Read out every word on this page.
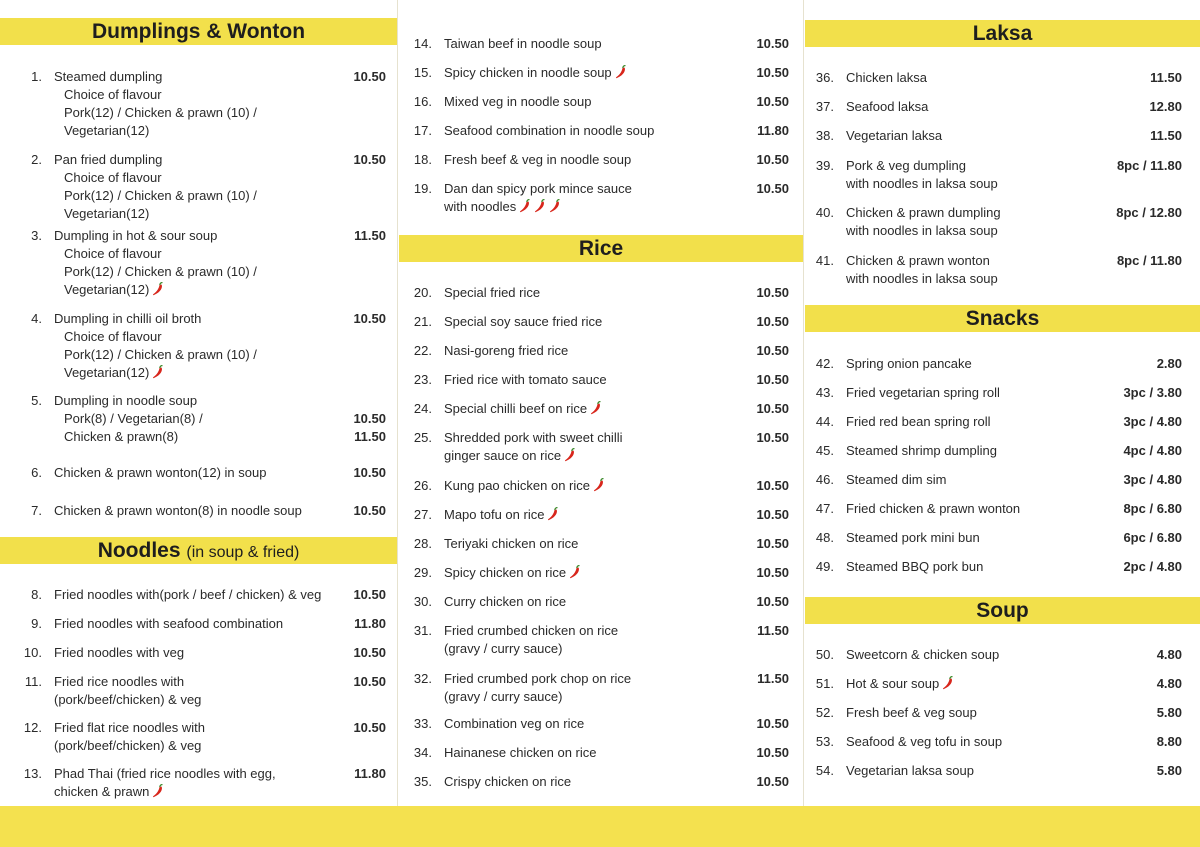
Dumplings & Wonton
Noodles (in soup & fried)
Rice
Laksa
Snacks
Soup
1. Steamed dumpling
Choice of flavour
Pork(12) / Chicken & prawn (10) /
Vegetarian(12)
10.50
2. Pan fried dumpling
Choice of flavour
Pork(12) / Chicken & prawn (10) /
Vegetarian(12)
10.50
3. Dumpling in hot & sour soup
Choice of flavour
Pork(12) / Chicken & prawn (10) /
Vegetarian(12)
11.50
4. Dumpling in chilli oil broth
Choice of flavour
Pork(12) / Chicken & prawn (10) /
Vegetarian(12)
10.50
5. Dumpling in noodle soup
Pork(8) / Vegetarian(8) /
Chicken & prawn(8)
10.50
11.50
6. Chicken & prawn wonton(12) in soup	10.50
7. Chicken & prawn wonton(8) in noodle soup	10.50
8. Fried noodles with(pork / beef / chicken) & veg 10.50
9. Fried noodles with seafood combination	11.80
10. Fried noodles with veg	10.50
11. Fried rice noodles with
(pork/beef/chicken) & veg
10.50
12. Fried flat rice noodles with
(pork/beef/chicken) & veg
10.50
13. Phad Thai (fried rice noodles with egg,
chicken & prawn
11.80
14. Taiwan beef in noodle soup	10.50
15. Spicy chicken in noodle soup	10.50
16. Mixed veg in noodle soup	10.50
17. Seafood combination in noodle soup	11.80
18. Fresh beef & veg in noodle soup	10.50
19. Dan dan spicy pork mince sauce
with noodles
10.50
20. Special fried rice	10.50
21. Special soy sauce fried rice	10.50
22. Nasi-goreng fried rice	10.50
23. Fried rice with tomato sauce	10.50
24. Special chilli beef on rice	10.50
25. Shredded pork with sweet chilli
ginger sauce on rice
10.50
26. Kung pao chicken on rice	10.50
27. Mapo tofu on rice	10.50
28. Teriyaki chicken on rice	10.50
29. Spicy chicken on rice	10.50
30. Curry chicken on rice	10.50
31. Fried crumbed chicken on rice
(gravy / curry sauce)
11.50
32. Fried crumbed pork chop on rice
(gravy / curry sauce)
11.50
33. Combination veg on rice	10.50
34. Hainanese chicken on rice	10.50
35. Crispy chicken on rice	10.50
36. Chicken laksa	11.50
37. Seafood laksa	12.80
38. Vegetarian laksa	11.50
39. Pork & veg dumpling
with noodles in laksa soup
8pc / 11.80
40. Chicken & prawn dumpling
with noodles in laksa soup
8pc / 12.80
41. Chicken & prawn wonton
with noodles in laksa soup
8pc / 11.80
42. Spring onion pancake	2.80
43. Fried vegetarian spring roll	3pc / 3.80
44. Fried red bean spring roll	3pc / 4.80
45. Steamed shrimp dumpling	4pc / 4.80
46. Steamed dim sim	3pc / 4.80
47. Fried chicken & prawn wonton	8pc / 6.80
48. Steamed pork mini bun	6pc / 6.80
49. Steamed BBQ pork bun	2pc / 4.80
50. Sweetcorn & chicken soup	4.80
51. Hot & sour soup	4.80
52. Fresh beef & veg soup	5.80
53. Seafood & veg tofu in soup	8.80
54. Vegetarian laksa soup	5.80
